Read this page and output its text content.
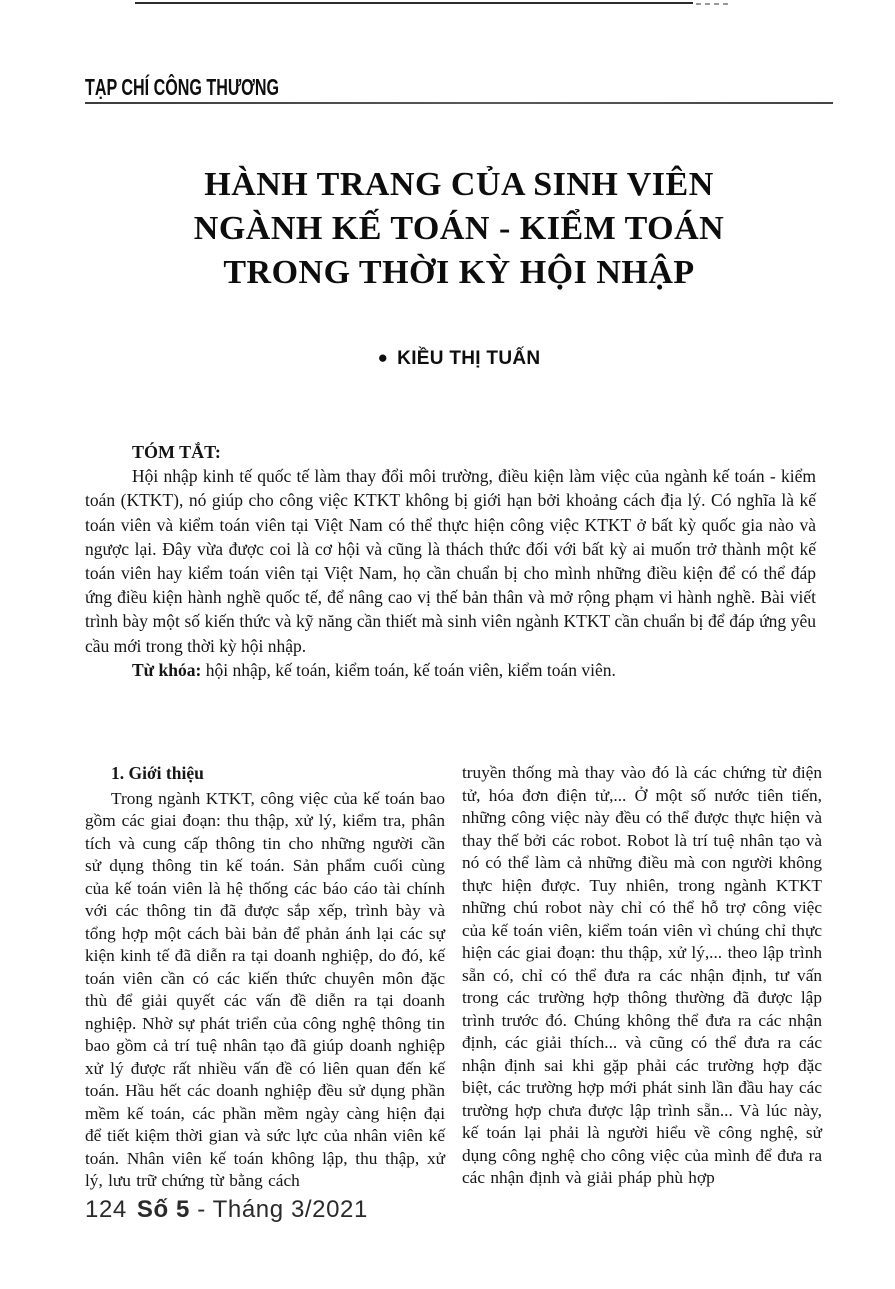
TẠP CHÍ CÔNG THƯƠNG
HÀNH TRANG CỦA SINH VIÊN
NGÀNH KẾ TOÁN - KIỂM TOÁN
TRONG THỜI KỲ HỘI NHẬP
● KIỀU THỊ TUẤN
TÓM TẮT:

Hội nhập kinh tế quốc tế làm thay đổi môi trường, điều kiện làm việc của ngành kế toán - kiểm toán (KTKT), nó giúp cho công việc KTKT không bị giới hạn bởi khoảng cách địa lý. Có nghĩa là kế toán viên và kiểm toán viên tại Việt Nam có thể thực hiện công việc KTKT ở bất kỳ quốc gia nào và ngược lại. Đây vừa được coi là cơ hội và cũng là thách thức đối với bất kỳ ai muốn trở thành một kế toán viên hay kiểm toán viên tại Việt Nam, họ cần chuẩn bị cho mình những điều kiện để có thể đáp ứng điều kiện hành nghề quốc tế, để nâng cao vị thế bản thân và mở rộng phạm vi hành nghề. Bài viết trình bày một số kiến thức và kỹ năng cần thiết mà sinh viên ngành KTKT cần chuẩn bị để đáp ứng yêu cầu mới trong thời kỳ hội nhập.

Từ khóa: hội nhập, kế toán, kiểm toán, kế toán viên, kiểm toán viên.

1. Giới thiệu

Trong ngành KTKT, công việc của kế toán bao gồm các giai đoạn: thu thập, xử lý, kiểm tra, phân tích và cung cấp thông tin cho những người cần sử dụng thông tin kế toán. Sản phẩm cuối cùng của kế toán viên là hệ thống các báo cáo tài chính với các thông tin đã được sắp xếp, trình bày và tổng hợp một cách bài bản để phản ánh lại các sự kiện kinh tế đã diễn ra tại doanh nghiệp, do đó, kế toán viên cần có các kiến thức chuyên môn đặc thù để giải quyết các vấn đề diễn ra tại doanh nghiệp. Nhờ sự phát triển của công nghệ thông tin bao gồm cả trí tuệ nhân tạo đã giúp doanh nghiệp xử lý được rất nhiều vấn đề có liên quan đến kế toán. Hầu hết các doanh nghiệp đều sử dụng phần mềm kế toán, các phần mềm ngày càng hiện đại để tiết kiệm thời gian và sức lực của nhân viên kế toán. Nhân viên kế toán không lập, thu thập, xử lý, lưu trữ chứng từ bằng cách

truyền thống mà thay vào đó là các chứng từ điện tử, hóa đơn điện tử,... Ở một số nước tiên tiến, những công việc này đều có thể được thực hiện và thay thế bởi các robot. Robot là trí tuệ nhân tạo và nó có thể làm cả những điều mà con người không thực hiện được. Tuy nhiên, trong ngành KTKT những chú robot này chỉ có thể hỗ trợ công việc của kế toán viên, kiểm toán viên vì chúng chỉ thực hiện các giai đoạn: thu thập, xử lý,... theo lập trình sẵn có, chỉ có thể đưa ra các nhận định, tư vấn trong các trường hợp thông thường đã được lập trình trước đó. Chúng không thể đưa ra các nhận định, các giải thích... và cũng có thể đưa ra các nhận định sai khi gặp phải các trường hợp đặc biệt, các trường hợp mới phát sinh lần đầu hay các trường hợp chưa được lập trình sẵn... Và lúc này, kế toán lại phải là người hiểu về công nghệ, sử dụng công nghệ cho công việc của mình để đưa ra các nhận định và giải pháp phù hợp

124 Số 5 - Tháng 3/2021
